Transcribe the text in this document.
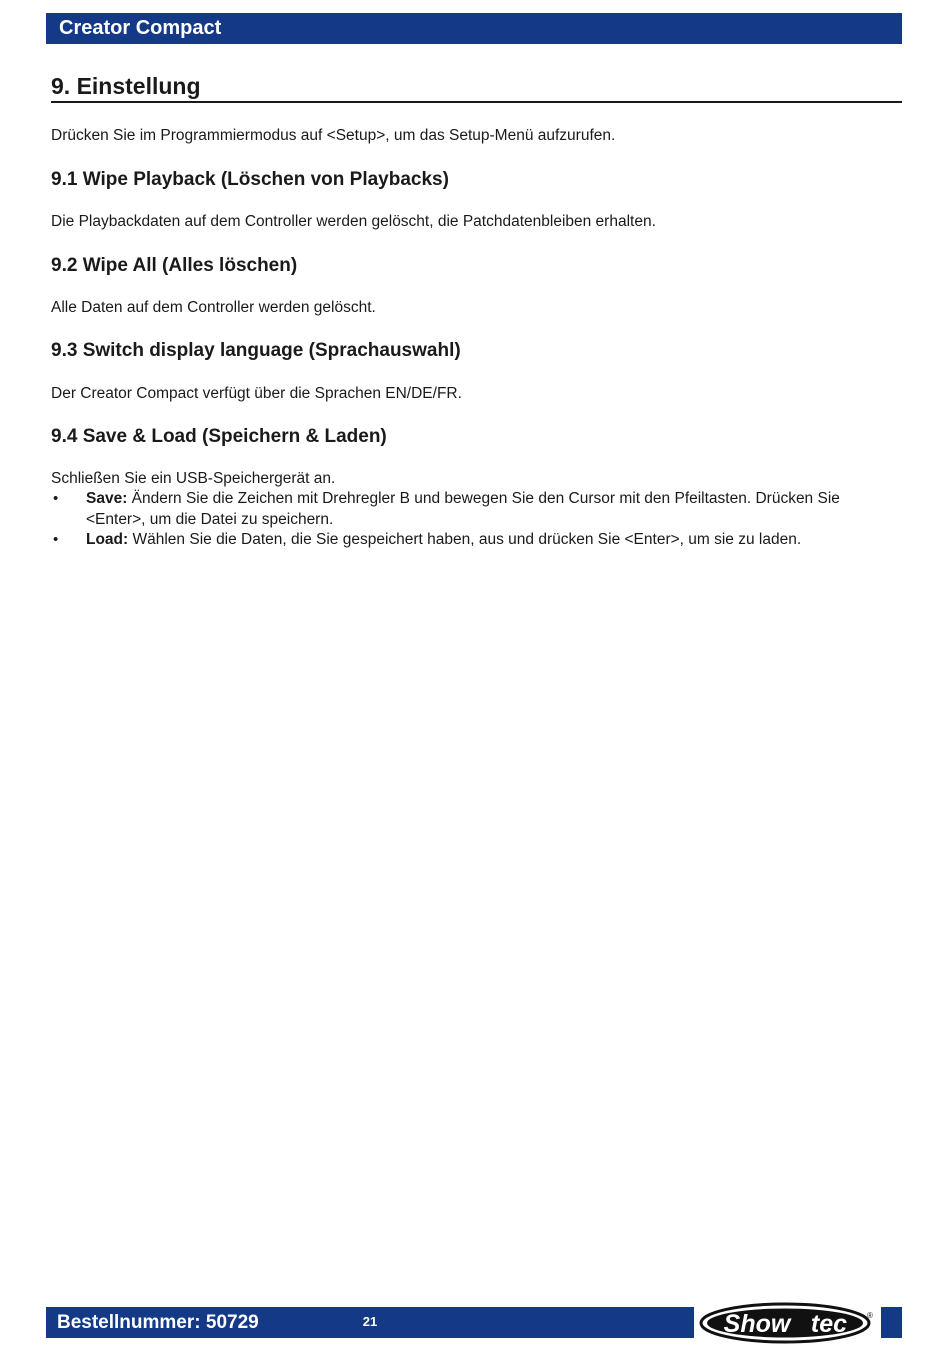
Creator Compact
9. Einstellung

Drücken Sie im Programmiermodus auf <Setup>, um das Setup-Menü aufzurufen.

9.1 Wipe Playback (Löschen von Playbacks)

Die Playbackdaten auf dem Controller werden gelöscht, die Patchdatenbleiben erhalten.

9.2 Wipe All (Alles löschen)

Alle Daten auf dem Controller werden gelöscht.

9.3 Switch display language (Sprachauswahl)

Der Creator Compact verfügt über die Sprachen EN/DE/FR.

9.4 Save & Load (Speichern & Laden)

Schließen Sie ein USB-Speichergerät an.

• Save: Ändern Sie die Zeichen mit Drehregler B und bewegen Sie den Cursor mit den Pfeiltasten. Drücken Sie <Enter>, um die Datei zu speichern.
• Load: Wählen Sie die Daten, die Sie gespeichert haben, aus und drücken Sie <Enter>, um sie zu laden.
Bestellnummer: 50729	21	Show tec ®
